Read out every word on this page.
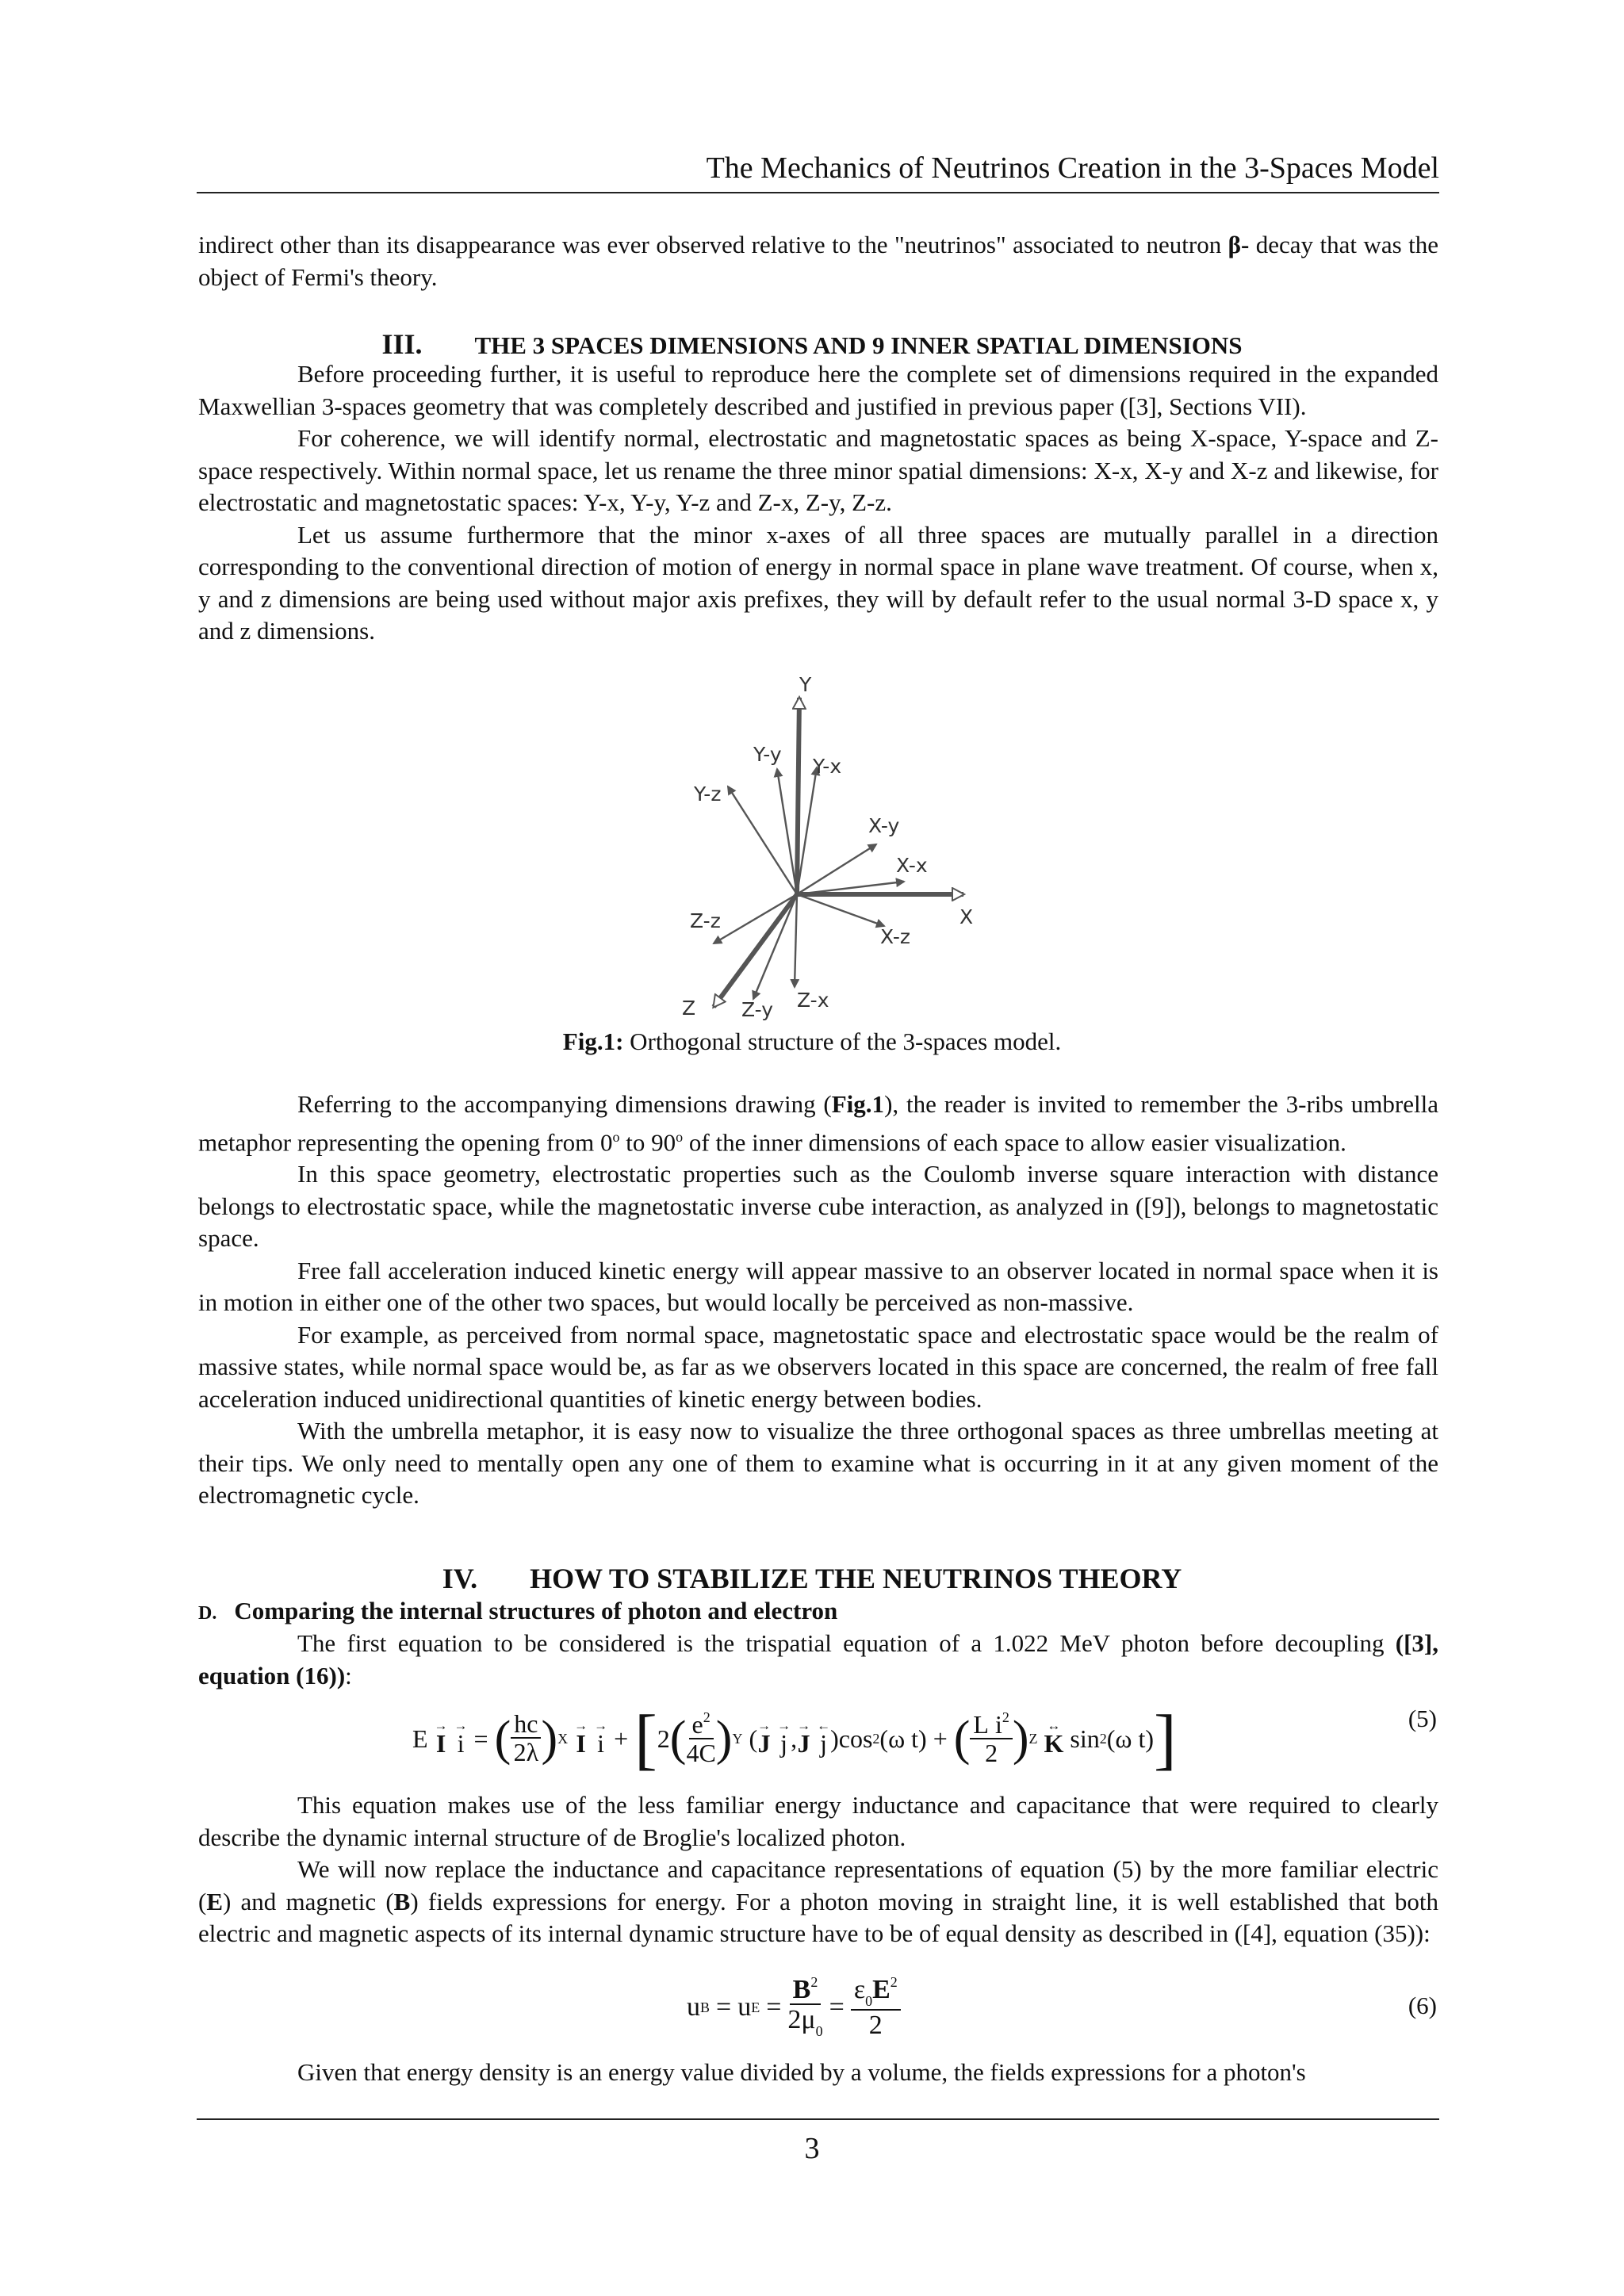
The Mechanics of Neutrinos Creation in the 3-Spaces Model

indirect other than its disappearance was ever observed relative to the "neutrinos" associated to neutron β- decay that was the object of Fermi's theory.

III. THE 3 SPACES DIMENSIONS AND 9 INNER SPATIAL DIMENSIONS

Before proceeding further, it is useful to reproduce here the complete set of dimensions required in the expanded Maxwellian 3-spaces geometry that was completely described and justified in previous paper ([3], Sections VII).

For coherence, we will identify normal, electrostatic and magnetostatic spaces as being X-space, Y-space and Z-space respectively. Within normal space, let us rename the three minor spatial dimensions: X-x, X-y and X-z and likewise, for electrostatic and magnetostatic spaces: Y-x, Y-y, Y-z and Z-x, Z-y, Z-z.

Let us assume furthermore that the minor x-axes of all three spaces are mutually parallel in a direction corresponding to the conventional direction of motion of energy in normal space in plane wave treatment. Of course, when x, y and z dimensions are being used without major axis prefixes, they will by default refer to the usual normal 3-D space x, y and z dimensions.

Y
Y-y
Y-x
Y-z
X-y
X-x
X
X-z
Z-z
Z Z-y Z-x
Fig.1: Orthogonal structure of the 3-spaces model.

Referring to the accompanying dimensions drawing (Fig.1), the reader is invited to remember the 3-ribs umbrella metaphor representing the opening from 0$^o$ to 90$^o$ of the inner dimensions of each space to allow easier visualization.

In this space geometry, electrostatic properties such as the Coulomb inverse square interaction with distance belongs to electrostatic space, while the magnetostatic inverse cube interaction, as analyzed in ([9]), belongs to magnetostatic space.

Free fall acceleration induced kinetic energy will appear massive to an observer located in normal space when it is in motion in either one of the other two spaces, but would locally be perceived as non-massive.

For example, as perceived from normal space, magnetostatic space and electrostatic space would be the realm of massive states, while normal space would be, as far as we observers located in this space are concerned, the realm of free fall acceleration induced unidirectional quantities of kinetic energy between bodies.

With the umbrella metaphor, it is easy now to visualize the three orthogonal spaces as three umbrellas meeting at their tips. We only need to mentally open any one of them to examine what is occurring in it at any given moment of the electromagnetic cycle.

IV. HOW TO STABILIZE THE NEUTRINOS THEORY
D. Comparing the internal structures of photon and electron

The first equation to be considered is the trispatial equation of a 1.022 MeV photon before decoupling ([3], equation (16)):

E
→
I

→
i = ( $\frac{hc}{2\lambda}$ ) X

→
I

→
i + [ 2 ( $\frac{e^2}{4C}$ ) Y
( →
J

→
j , →
J

←
j ) cos 2 (ω t) + ( $\frac{L i^2}{2}$ ) Z

↔
K
sin 2 (ω t) ]	(5)

This equation makes use of the less familiar energy inductance and capacitance that were required to clearly describe the dynamic internal structure of de Broglie's localized photon.

We will now replace the inductance and capacitance representations of equation (5) by the more familiar electric (E) and magnetic (B) fields expressions for energy. For a photon moving in straight line, it is well established that both electric and magnetic aspects of its internal dynamic structure have to be of equal density as described in ([4], equation (35)):

u B = u $E = \frac{B^2}{2\mu_0} = \frac{\varepsilon_0E^2}{2}$	(6)

Given that energy density is an energy value divided by a volume, the fields expressions for a photon's

3
